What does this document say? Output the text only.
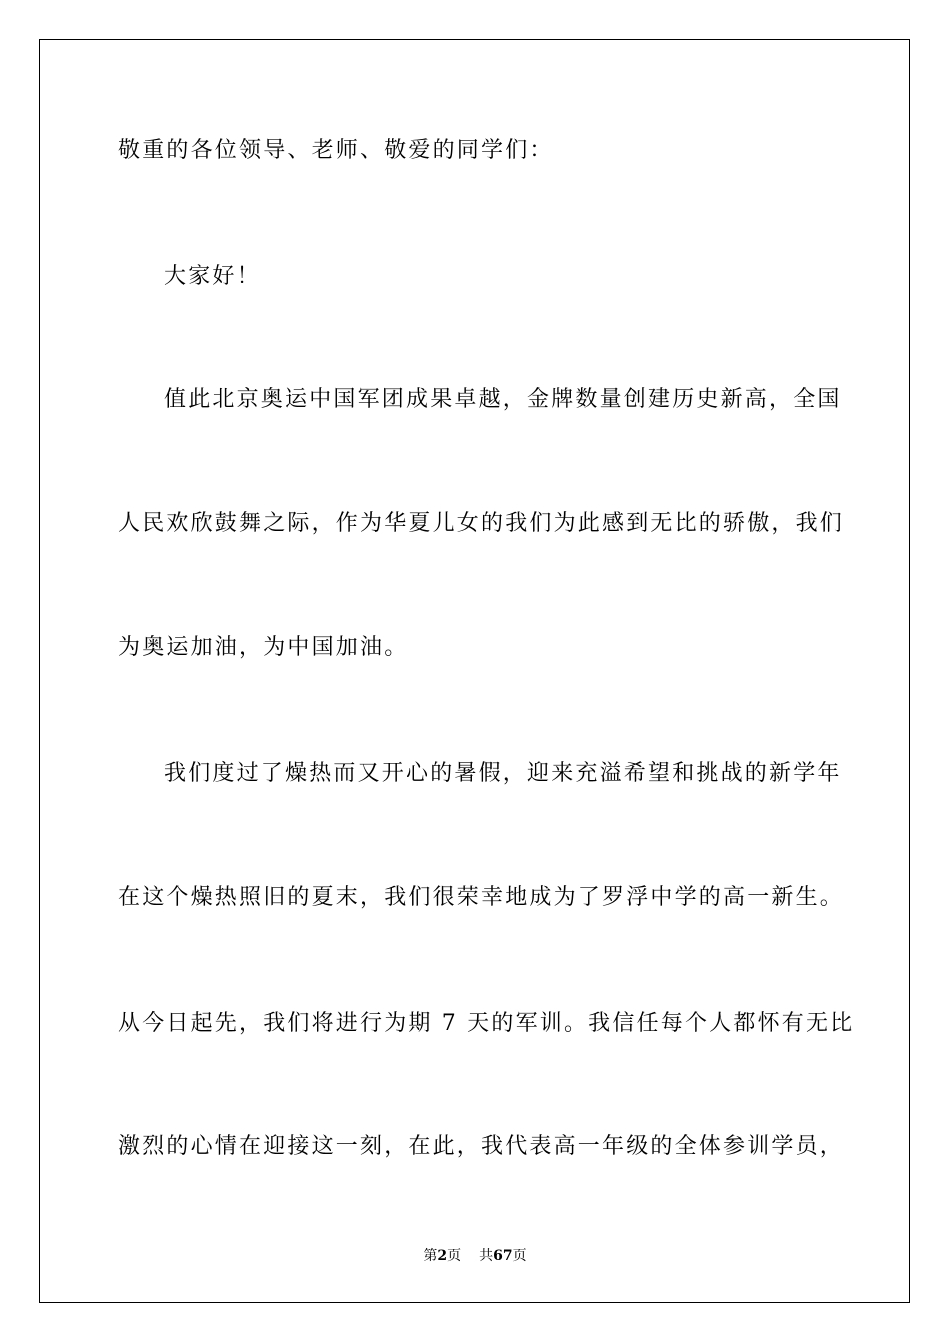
敬重的各位领导、老师、敬爱的同学们：
大家好！
值此北京奥运中国军团成果卓越，金牌数量创建历史新高，全国
人民欢欣鼓舞之际，作为华夏儿女的我们为此感到无比的骄傲，我们
为奥运加油，为中国加油。
我们度过了燥热而又开心的暑假，迎来充溢希望和挑战的新学年
在这个燥热照旧的夏末，我们很荣幸地成为了罗浮中学的高一新生。
从今日起先，我们将进行为期 7 天的军训。我信任每个人都怀有无比
激烈的心情在迎接这一刻，在此，我代表高一年级的全体参训学员，
第2页 共67页
